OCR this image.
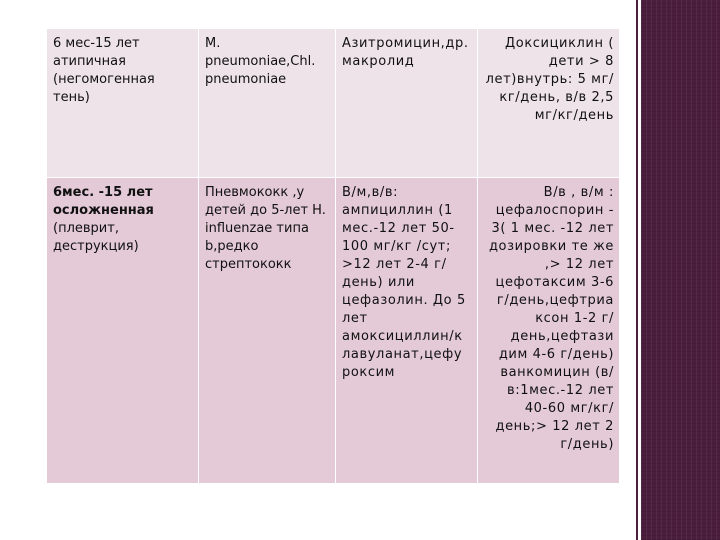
6 мес-15 лет атипичная (негомогенная тень)	M. pneumoniae,Chl. pneumoniae	Азитромицин,др. макролид	Доксициклин ( дети > 8 лет)внутрь: 5 мг/кг/день, в/в 2,5 мг/кг/день
6мес. -15 лет осложненная (плеврит, деструкция)	Пневмококк ,у детей до 5-лет H. influenzae типа b,редко стрептококк	В/м,в/в: ампициллин (1 мес.-12 лет 50-100 мг/кг /сут; >12 лет 2-4 г/день) или цефазолин. До 5 лет амоксициллин/к лавуланат,цефу роксим	В/в , в/м : цефалоспорин - 3( 1 мес. -12 лет дозировки те же ,> 12 лет цефотаксим 3-6 г/день,цефтриа ксон 1-2 г/день,цефтази дим 4-6 г/день) ванкомицин (в/в:1мес.-12 лет 40-60 мг/кг/день;> 12 лет 2 г/день)
